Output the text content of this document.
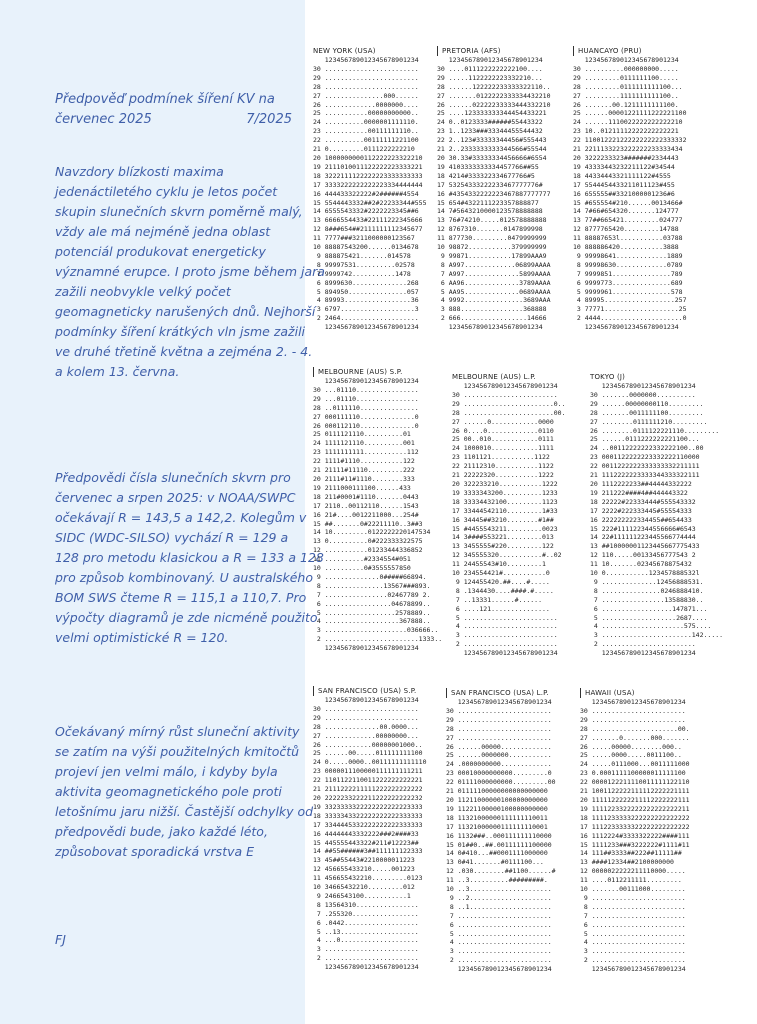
Předpověď podmínek šíření KV na

červenec 2025	7/2025

Navzdory blízkosti maxima

jedenáctiletého cyklu je letos počet

skupin slunečních skvrn poměrně malý,

vždy ale má nejméně jedna oblast

potenciál produkovat energeticky

významné erupce. I proto jsme během jara

zažili neobvykle velký počet

geomagneticky narušených dnů. Nejhorší

podmínky šíření krátkých vln jsme zažili

ve druhé třetině května a zejména 2. - 4.

a kolem 13. června.

Předpovědi čísla slunečních skvrn pro

červenec a srpen 2025: v NOAA/SWPC

očekávají R = 143,5 a 142,2. Kolegům v

SIDC (WDC-SILSO) vychází R = 129 a

128 pro metodu klasickou a R = 133 a 128

pro způsob kombinovaný. U australského

BOM SWS čteme R = 115,1 a 110,7. Pro

výpočty diagramů je zde nicméně použito

velmi optimistické R = 120.

Očekávaný mírný růst sluneční aktivity

se zatím na výši použitelných kmitočtů

projeví jen velmi málo, i kdyby byla

aktivita geomagnetického pole proti

letošnímu jaru nižší. Častější odchylky od

předpovědi bude, jako každé léto,

způsobovat sporadická vrstva E

FJ

NEW YORK (USA)
123456789012345678901234
30 ........................
29 ........................
28 ........................
27 ...............000......
26 .............0000000....
25 ...........00000000000..
24 ..........0000001111110.
23 ...........00111111110..
22 ..........00111111221100
21 0.........0111222222210
20 1000000000112222223322210
19 2111010011122222223333221
18 3222111122222223333333333
17 3333222222222223334444444
16 444433322222#2######4554
15 5544443332##2#22233344#555
14 6555543332#2222223345##6
13 6666554433#22111222345666
12 8###654##2111111112345677
11 7777###3211000000123567
10 88887543200......0134678
9 888875421.......014578
8 99997531..........02578
7 9999742...........1478
6 8999630..............268
5 894950...............057
4 89993.................36
3 6797...................3
2 2464....................
123456789012345678901234
PRETORIA (AFS)
123456789012345678901234
30 ....0111222222222100....
29 .....1122222223332210...
28 ......122222233333322110..
27 .......0122222333334432210
26 ......02222233333444332210
25 ....123333333344454433221
24 0..0123333######55443322
23 1..1233###33344455544432
22 2..123#33333344456#555443
21 2..2333333333344566#55544
20 30.33#33333334456666#6554
19 4103333333334457766##55
18 4214#333322334677766#5
17 53254333222233467777776#
16 #4354332222223467887777777
15 654#4322111223357888877
14 7#5643210000123578888888
13 76#74210.....012578888888
12 8767310.......0147899998
11 877730.........0479999999
10 98872...........379999999
9 99871...........17899AAA9
8 A997.............06899AAAA
7 A997..............5899AAAA
6 AA96..............3789AAAA
5 AA95..............0689AAAA
4 9992...............3689AAA
3 888................368888
2 666.................14666
123456789012345678901234
HUANCAYO (PRU)
123456789012345678901234
30 ..........000000000.....
29 .........0111111100.....
28 .........0111111111100...
27 .........1111111111100..
26 .......00.1211111111100.
25 ......00001221111222221100
24 ......1110022222222222210
23 10..01211112222222222221
22 11001222122222222222333332
21 2211133223222222233333434
20 3222233323#######2334443
19 43333443232211122#34544
18 44334443321111122#4555
17 5544454433211011123#455
16 655555##3321000001236#6
15 #655554#210......0013466#
14 7#66#654320.......124777
13 77##665421.........024777
12 8777765420.........14788
11 88887653l...........03788
10 888886420...........3888
9 99998641.............1889
8 99998630.............0789
7 9999851...............789
6 9999773...............689
5 9999961...............578
4 89995..................257
3 77771...................25
2 4444.....................0
123456789012345678901234
MELBOURNE (AUS) S.P.
123456789012345678901234
30 ...01110................
29 ...01110................
28 ..0111110...............
27 000111110..............0
26 000112110..............0
25 0111121110..........01
24 1111121110..........001
23 1111111111...........112
22 1111#1110...........122
21 21111#11110.........222
20 2111#11#1110........333
19 2111000111100......433
18 211#0001#1110.......0443
17 2110..00112110......1543
16 21#....0012211000...254#
15 ##.......0#22211110..3##3
14 10.........0122222220147534
13 0..........0#222333322575
12 ...........01233444336852
11 ..........#2334554#051
10 ..........0#3555557850
9 ..............0#####66894.
8 ...............13567###893.
7 ................02467789 2.
6 .................04678899..
5 ..................2578889..
4 ...................367888..
3 .....................036666..
2 ........................1333..
123456789012345678901234
MELBOURNE (AUS) L.P.
123456789012345678901234
30 ........................
29 .......................0..
28 .......................00.
27 ......0............0000
26 0....0.............0110
25 00..010............0111
24 1000010............1111
23 1101121...........1122
22 21112310...........1122
21 22222320...........1222
20 322233210...........1222
19 3333343200..........1233
18 33334432100.........1123
17 33444542110.........1#33
16 34445##3210........#1##
15 #4455543211.........0023
14 3####553221.........013
13 3455555#220.........122
12 345555320...........#..02
11 24455543#10.........1
10 234554421#...........0
9 124455420.##....#.....
8 .1344430....####.#.....
7 ..13331......#......
6 ....121...............
5 ........................
4 ........................
3 ........................
2 ........................
123456789012345678901234
TOKYO (J)
123456789012345678901234
30 .......0000000..........
29 ......00000000110.........
28 .......0011111100.........
27 ........0111111210.........
26 ........0111122221110.........
25 ......0111222222221100...
24 ..00112222222332222100..00
23 0001122222223332222110000
22 0011222222333333332211111
21 1112222223333344333322111
20 1112222233##44444332222
19 211222####4##444443322
18 22222#22333444#555543332
17 2222#222333445#55554333
16 222222222334455##654433
15 222#111122344556666#6543
14 22#111111223445566774444
13 ##10000001123445667775433
12 110.....00133456777543 2
11 10.......02345678875432
10 0...........123457888532l
9 ..............12456888531.
8 ...............0246888410.
7 ................13588830..
6 ..................147871...
5 ...................2687....
4 .....................575....
3 .......................142.....
2 ........................
123456789012345678901234
SAN FRANCISCO (USA) S.P.
123456789012345678901234
30 ........................
29 ........................
28 ..............00.0000...
27 .............00000000...
26 ............00000001000..
25 ......00.....011111111100
24 0.....0000..00111111111110
23 0000011100000111111111211
22 1101122110011222222222221
21 2111222211111222222222222
20 2222233222211222222222232
19 3323333322222222222223333
18 3333343322222222222333333
17 3344445332222222222333333
16 44444443332222###2####33
15 445555443322#211#12223##
14 ##55######3##111111122333
13 45##55443#2210000011223
12 456655433210.....001223
11 456655432210.........0123
10 34665432210.........012
9 2466543100...........1
8 13564310................
7 .255320.................
6 .0442...................
5 ..13....................
4 ...0....................
3 ........................
2 ........................
123456789012345678901234
SAN FRANCISCO (USA) L.P.
123456789012345678901234
30 ........................
29 ........................
28 ........................
27 ........................
26 ......00000.............
25 ......0000000...........
24 .0000000000.............
23 00010000000000.........0
22 01111000000000.........00
21 01111100000000000000000
20 11211000000100000000000
19 11221100000100000000000
18 11321000000111111110011
17 11321000000111111110001
16 1132###..000111111110000
15 01##0..##.00111111100000
14 0#410...##0001111000000
13 0#41.......#0111100...
12 .030........##1100......#
11 ..3..........#########.
10 ..3.....................
9 ..2.....................
8 ..1.....................
7 ........................
6 ........................
5 ........................
4 ........................
3 ........................
2 ........................
123456789012345678901234
HAWAII (USA)
123456789012345678901234
30 ........................
29 ........................
28 ......................00.
27 .......0.......000.......
26 .....00000........000..
25 .....0000.....0011100..
24 .....0111000...0011111000
23 0.0001111100000011111100
22 0000122211110011111122110
21 1001122222111112222221111
20 1111122222211112222222111
19 1111223322222222222222211
18 1111233333222222222222222
17 1112233333322222222222222
16 1112224#3333322222####111
15 1111233###3222222#1111#11
14 111##3333##222##11111##
13 ####12334##2100000000
12 0000022222211110000.....
11 ....0112211111.........
10 .......00111000.........
9 ........................
8 ........................
7 ........................
6 ........................
5 ........................
4 ........................
3 ........................
2 ........................
123456789012345678901234
